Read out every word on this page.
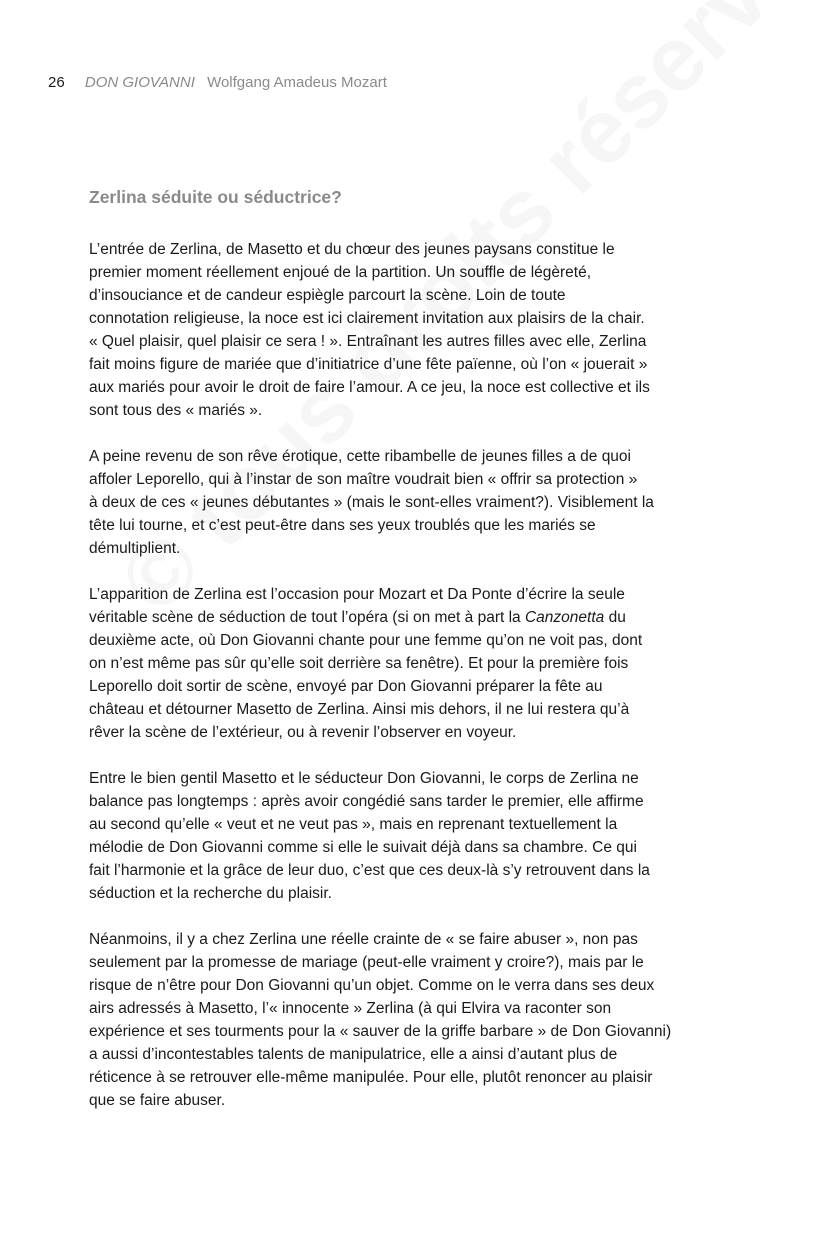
26 DON GIOVANNI Wolfgang Amadeus Mozart
Zerlina séduite ou séductrice?
L’entrée de Zerlina, de Masetto et du chœur des jeunes paysans constitue le
premier moment réellement enjoué de la partition. Un souffle de légèreté,
d’insouciance et de candeur espiègle parcourt la scène. Loin de toute
connotation religieuse, la noce est ici clairement invitation aux plaisirs de la chair.
« Quel plaisir, quel plaisir ce sera ! ». Entraînant les autres filles avec elle, Zerlina
fait moins figure de mariée que d’initiatrice d’une fête païenne, où l’on « jouerait »
aux mariés pour avoir le droit de faire l’amour. A ce jeu, la noce est collective et ils
sont tous des « mariés ».
A peine revenu de son rêve érotique, cette ribambelle de jeunes filles a de quoi
affoler Leporello, qui à l’instar de son maître voudrait bien « offrir sa protection »
à deux de ces « jeunes débutantes » (mais le sont-elles vraiment?). Visiblement la
tête lui tourne, et c’est peut-être dans ses yeux troublés que les mariés se
démultiplient.
L’apparition de Zerlina est l’occasion pour Mozart et Da Ponte d’écrire la seule
véritable scène de séduction de tout l’opéra (si on met à part la Canzonetta du
deuxième acte, où Don Giovanni chante pour une femme qu’on ne voit pas, dont
on n’est même pas sûr qu’elle soit derrière sa fenêtre). Et pour la première fois
Leporello doit sortir de scène, envoyé par Don Giovanni préparer la fête au
château et détourner Masetto de Zerlina. Ainsi mis dehors, il ne lui restera qu’à
rêver la scène de l’extérieur, ou à revenir l’observer en voyeur.
Entre le bien gentil Masetto et le séducteur Don Giovanni, le corps de Zerlina ne
balance pas longtemps : après avoir congédié sans tarder le premier, elle affirme
au second qu’elle « veut et ne veut pas », mais en reprenant textuellement la
mélodie de Don Giovanni comme si elle le suivait déjà dans sa chambre. Ce qui
fait l’harmonie et la grâce de leur duo, c’est que ces deux-là s’y retrouvent dans la
séduction et la recherche du plaisir.
Néanmoins, il y a chez Zerlina une réelle crainte de « se faire abuser », non pas
seulement par la promesse de mariage (peut-elle vraiment y croire?), mais par le
risque de n’être pour Don Giovanni qu’un objet. Comme on le verra dans ses deux
airs adressés à Masetto, l’« innocente » Zerlina (à qui Elvira va raconter son
expérience et ses tourments pour la « sauver de la griffe barbare » de Don Giovanni)
a aussi d’incontestables talents de manipulatrice, elle a ainsi d’autant plus de
réticence à se retrouver elle-même manipulée. Pour elle, plutôt renoncer au plaisir
que se faire abuser.
